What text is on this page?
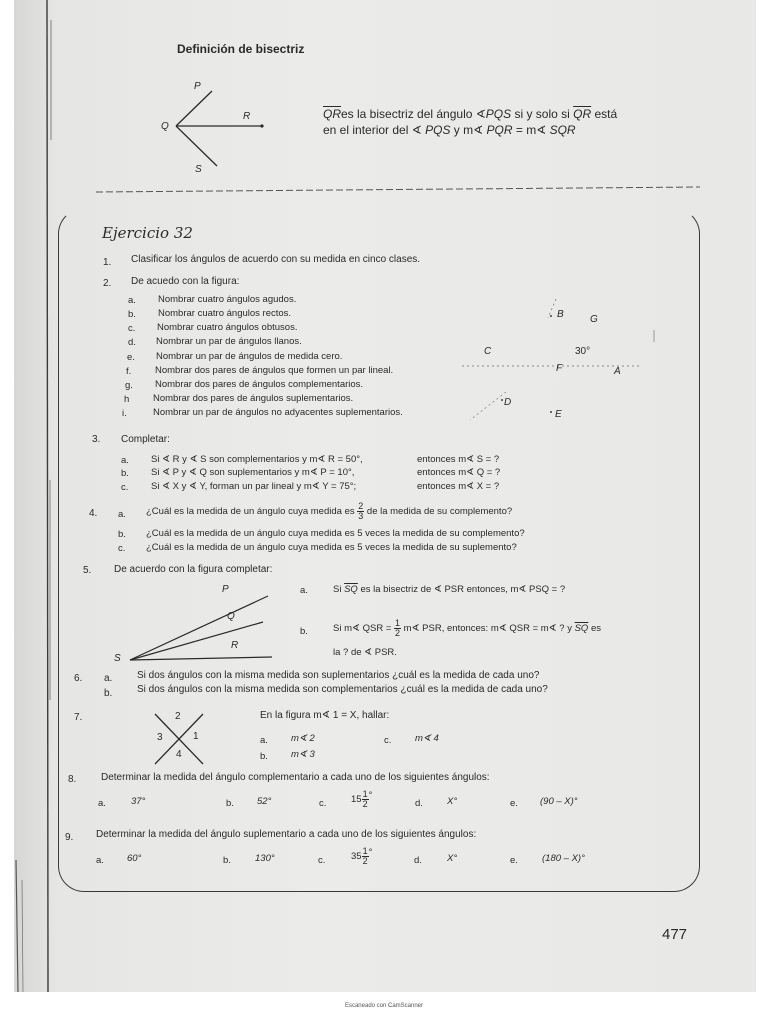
Definición de bisectriz
P
Q
R
S
$\overline{QR}es$ la bisectriz del ángulo ∢PQS si y solo si $\overline{QR}$ está
en el interior del ∢ PQS y m∢ PQR = m∢ SQR
Ejercicio 32
1. Clasificar los ángulos de acuerdo con su medida en cinco clases.
2. De acuedo con la figura:
a. Nombrar cuatro ángulos agudos.
b. Nombrar cuatro ángulos rectos.
c. Nombrar cuatro ángulos obtusos.
d. Nombrar un par de ángulos llanos.
e. Nombrar un par de ángulos de medida cero.
f. Nombrar dos pares de ángulos que formen un par lineal.
g. Nombrar dos pares de ángulos complementarios.
h Nombrar dos pares de ángulos suplementarios.
i.	Nombrar un par de ángulos no adyacentes suplementarios.
B	G
C	30°
F	A
D
E
3. Completar:
a. Si ∢ R y ∢ S son complementarios y m∢ R = 50°,	entonces m∢ S = ?
b. Si ∢ P y ∢ Q son suplementarios y m∢ P = 10°,	entonces m∢ Q = ?
c. Si ∢ X y ∢ Y, forman un par lineal y m∢ Y = 75°;	entonces m∢ X = ?
4. a. ¿Cuál es la medida de un ángulo cuya medida es $\frac{2}{3}$ de la medida de su complemento?
b. ¿Cuál es la medida de un ángulo cuya medida es 5 veces la medida de su complemento?
c. ¿Cuál es la medida de un ángulo cuya medida es 5 veces la medida de su suplemento?
5. De acuerdo con la figura completar:
P
Q
R
S
a.	Si $\overline{SQ}$ es la bisectriz de ∢ PSR entonces, m∢ PSQ = ?
b.	Si m∢ QSR = $\frac{1}{2}$ m∢ PSR, entonces: m∢ QSR = m∢ ? y $\overline{SQ}$ es
la ? de ∢ PSR.
6. a. Si dos ángulos con la misma medida son suplementarios ¿cuál es la medida de cada uno?
b. Si dos ángulos con la misma medida son complementarios ¿cuál es la medida de cada uno?
7.	2
3	1
4
En la figura m∢ 1 = X, hallar:
a. m∢ 2	c. m∢ 4
b. m∢ 3
8. Determinar la medida del ángulo complementario a cada uno de los siguientes ángulos:
a.	37°	b. 52°	c.	$15 \frac{1}{2}$ °
d.	X°	e. (90 – X)°
9. Determinar la medida del ángulo suplementario a cada uno de los siguientes ángulos:
a. 60°	b.	130°	c.	$35 \frac{1}{2}$ °
d.	X°	e.	(180 – X)°
477
Escaneado con CamScanner
